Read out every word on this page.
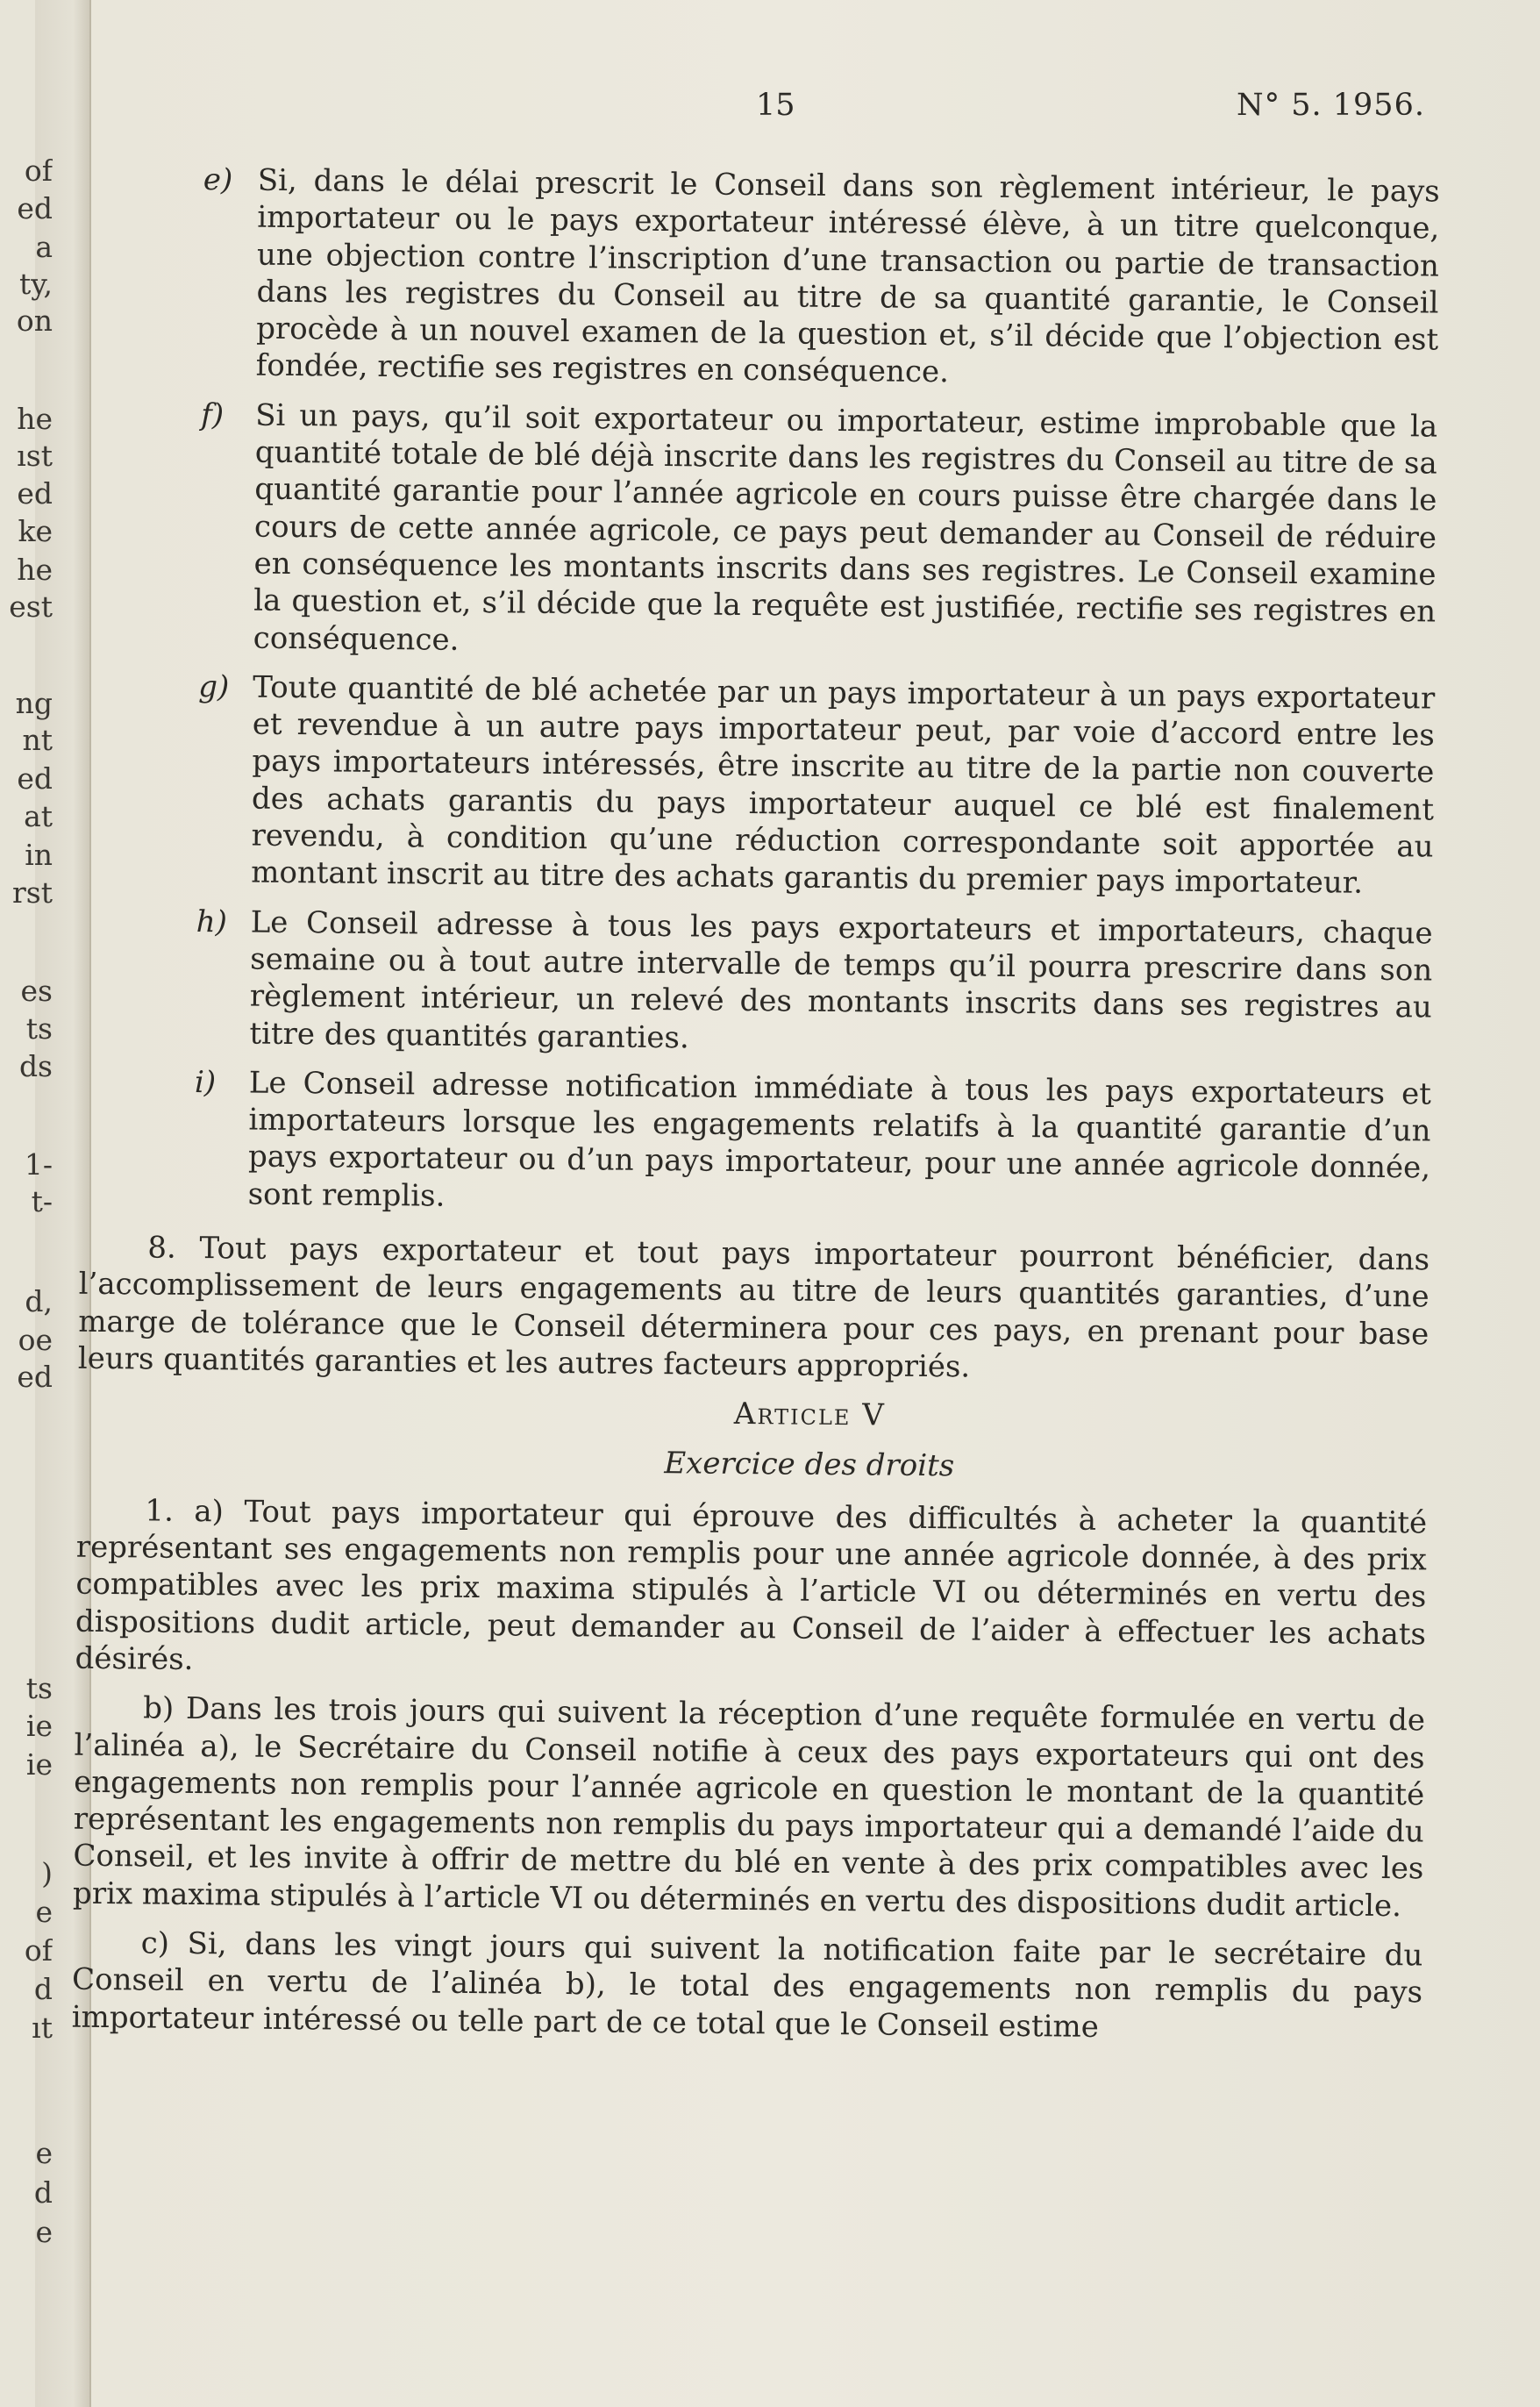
of
ed
a
ty,
on
he
ıst
ed
ke
he
est
ng
nt
ed
at
in
rst
es
ts
ds
1-
t-
d,
oe
ed
ts
ie
ie
)
e
of
d
ıt
e
d
e
15	N° 5. 1956.

e) Si, dans le délai prescrit le Conseil dans son règlement intérieur, le pays importateur ou le pays exportateur intéressé élève, à un titre quelconque, une objection contre l’inscription d’une transaction ou partie de transaction dans les registres du Conseil au titre de sa quantité garantie, le Conseil procède à un nouvel examen de la question et, s’il décide que l’objection est fondée, rectifie ses registres en conséquence.

f) Si un pays, qu’il soit exportateur ou importateur, estime improbable que la quantité totale de blé déjà inscrite dans les registres du Conseil au titre de sa quantité garantie pour l’année agricole en cours puisse être chargée dans le cours de cette année agricole, ce pays peut demander au Conseil de réduire en conséquence les montants inscrits dans ses registres. Le Conseil examine la question et, s’il décide que la requête est justifiée, rectifie ses registres en conséquence.

g) Toute quantité de blé achetée par un pays importateur à un pays exportateur et revendue à un autre pays importateur peut, par voie d’accord entre les pays importateurs intéressés, être inscrite au titre de la partie non couverte des achats garantis du pays importateur auquel ce blé est finalement revendu, à condition qu’une réduction correspondante soit apportée au montant inscrit au titre des achats garantis du premier pays importateur.

h) Le Conseil adresse à tous les pays exportateurs et importateurs, chaque semaine ou à tout autre intervalle de temps qu’il pourra prescrire dans son règlement intérieur, un relevé des montants inscrits dans ses registres au titre des quantités garanties.

i) Le Conseil adresse notification immédiate à tous les pays exportateurs et importateurs lorsque les engagements relatifs à la quantité garantie d’un pays exportateur ou d’un pays importateur, pour une année agricole donnée, sont remplis.

8. Tout pays exportateur et tout pays importateur pourront bénéficier, dans l’accomplissement de leurs engagements au titre de leurs quantités garanties, d’une marge de tolérance que le Conseil déterminera pour ces pays, en prenant pour base leurs quantités garanties et les autres facteurs appropriés.

Article V

Exercice des droits

1. a) Tout pays importateur qui éprouve des difficultés à acheter la quantité représentant ses engagements non remplis pour une année agricole donnée, à des prix compatibles avec les prix maxima stipulés à l’article VI ou déterminés en vertu des dispositions dudit article, peut demander au Conseil de l’aider à effectuer les achats désirés.

b) Dans les trois jours qui suivent la réception d’une requête formulée en vertu de l’alinéa a), le Secrétaire du Conseil notifie à ceux des pays exportateurs qui ont des engagements non remplis pour l’année agricole en question le montant de la quantité représentant les engagements non remplis du pays importateur qui a demandé l’aide du Conseil, et les invite à offrir de mettre du blé en vente à des prix compatibles avec les prix maxima stipulés à l’article VI ou déterminés en vertu des dispositions dudit article.

c) Si, dans les vingt jours qui suivent la notification faite par le secrétaire du Conseil en vertu de l’alinéa b), le total des engagements non remplis du pays importateur intéressé ou telle part de ce total que le Conseil estime
